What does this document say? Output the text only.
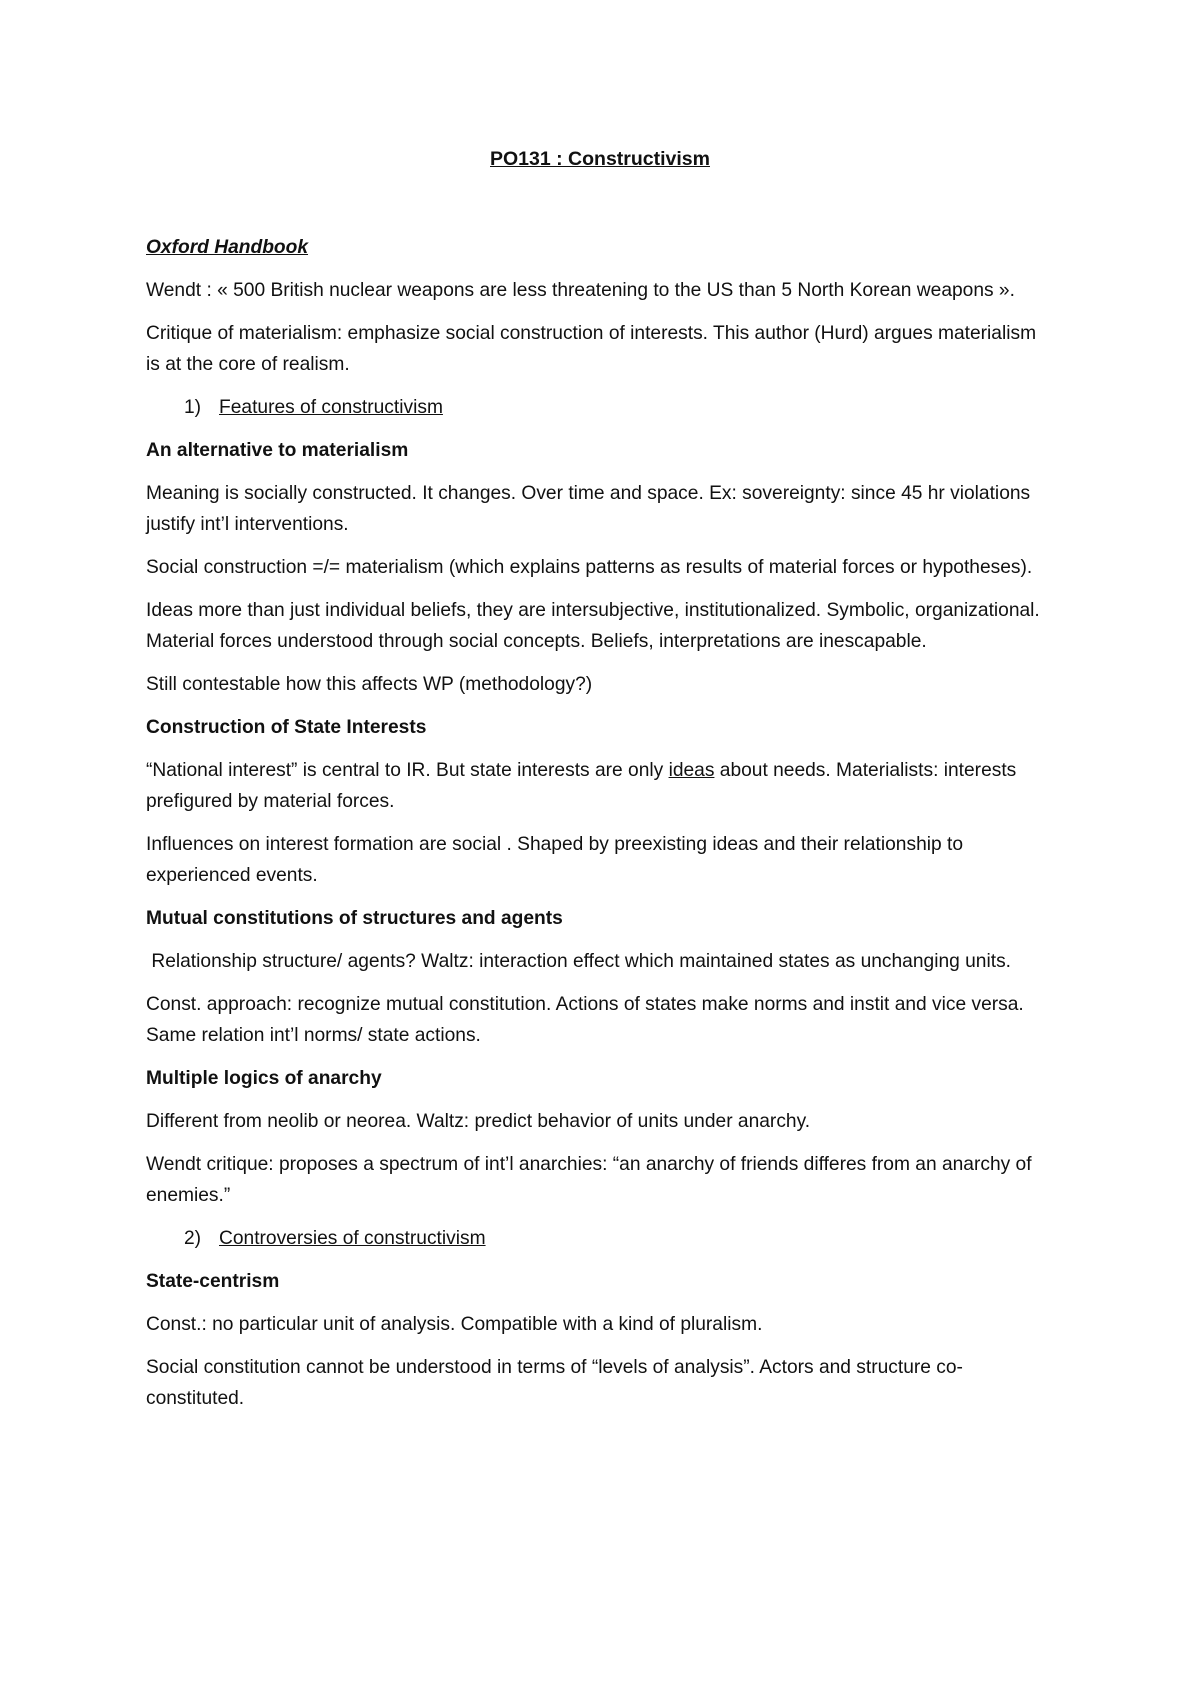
PO131 : Constructivism

Oxford Handbook

Wendt : « 500 British nuclear weapons are less threatening to the US than 5 North Korean weapons ».

Critique of materialism: emphasize social construction of interests. This author (Hurd) argues materialism is at the core of realism.

1) Features of constructivism

An alternative to materialism

Meaning is socially constructed. It changes. Over time and space. Ex: sovereignty: since 45 hr violations justify int’l interventions.

Social construction =/= materialism (which explains patterns as results of material forces or hypotheses).

Ideas more than just individual beliefs, they are intersubjective, institutionalized. Symbolic, organizational. Material forces understood through social concepts. Beliefs, interpretations are inescapable.

Still contestable how this affects WP (methodology?)

Construction of State Interests

“National interest” is central to IR. But state interests are only ideas about needs. Materialists: interests prefigured by material forces.

Influences on interest formation are social . Shaped by preexisting ideas and their relationship to experienced events.

Mutual constitutions of structures and agents

Relationship structure/ agents? Waltz: interaction effect which maintained states as unchanging units.

Const. approach: recognize mutual constitution. Actions of states make norms and instit and vice versa. Same relation int’l norms/ state actions.

Multiple logics of anarchy

Different from neolib or neorea. Waltz: predict behavior of units under anarchy.

Wendt critique: proposes a spectrum of int’l anarchies: “an anarchy of friends differes from an anarchy of enemies.”

2) Controversies of constructivism

State-centrism

Const.: no particular unit of analysis. Compatible with a kind of pluralism.

Social constitution cannot be understood in terms of “levels of analysis”. Actors and structure co-constituted.
